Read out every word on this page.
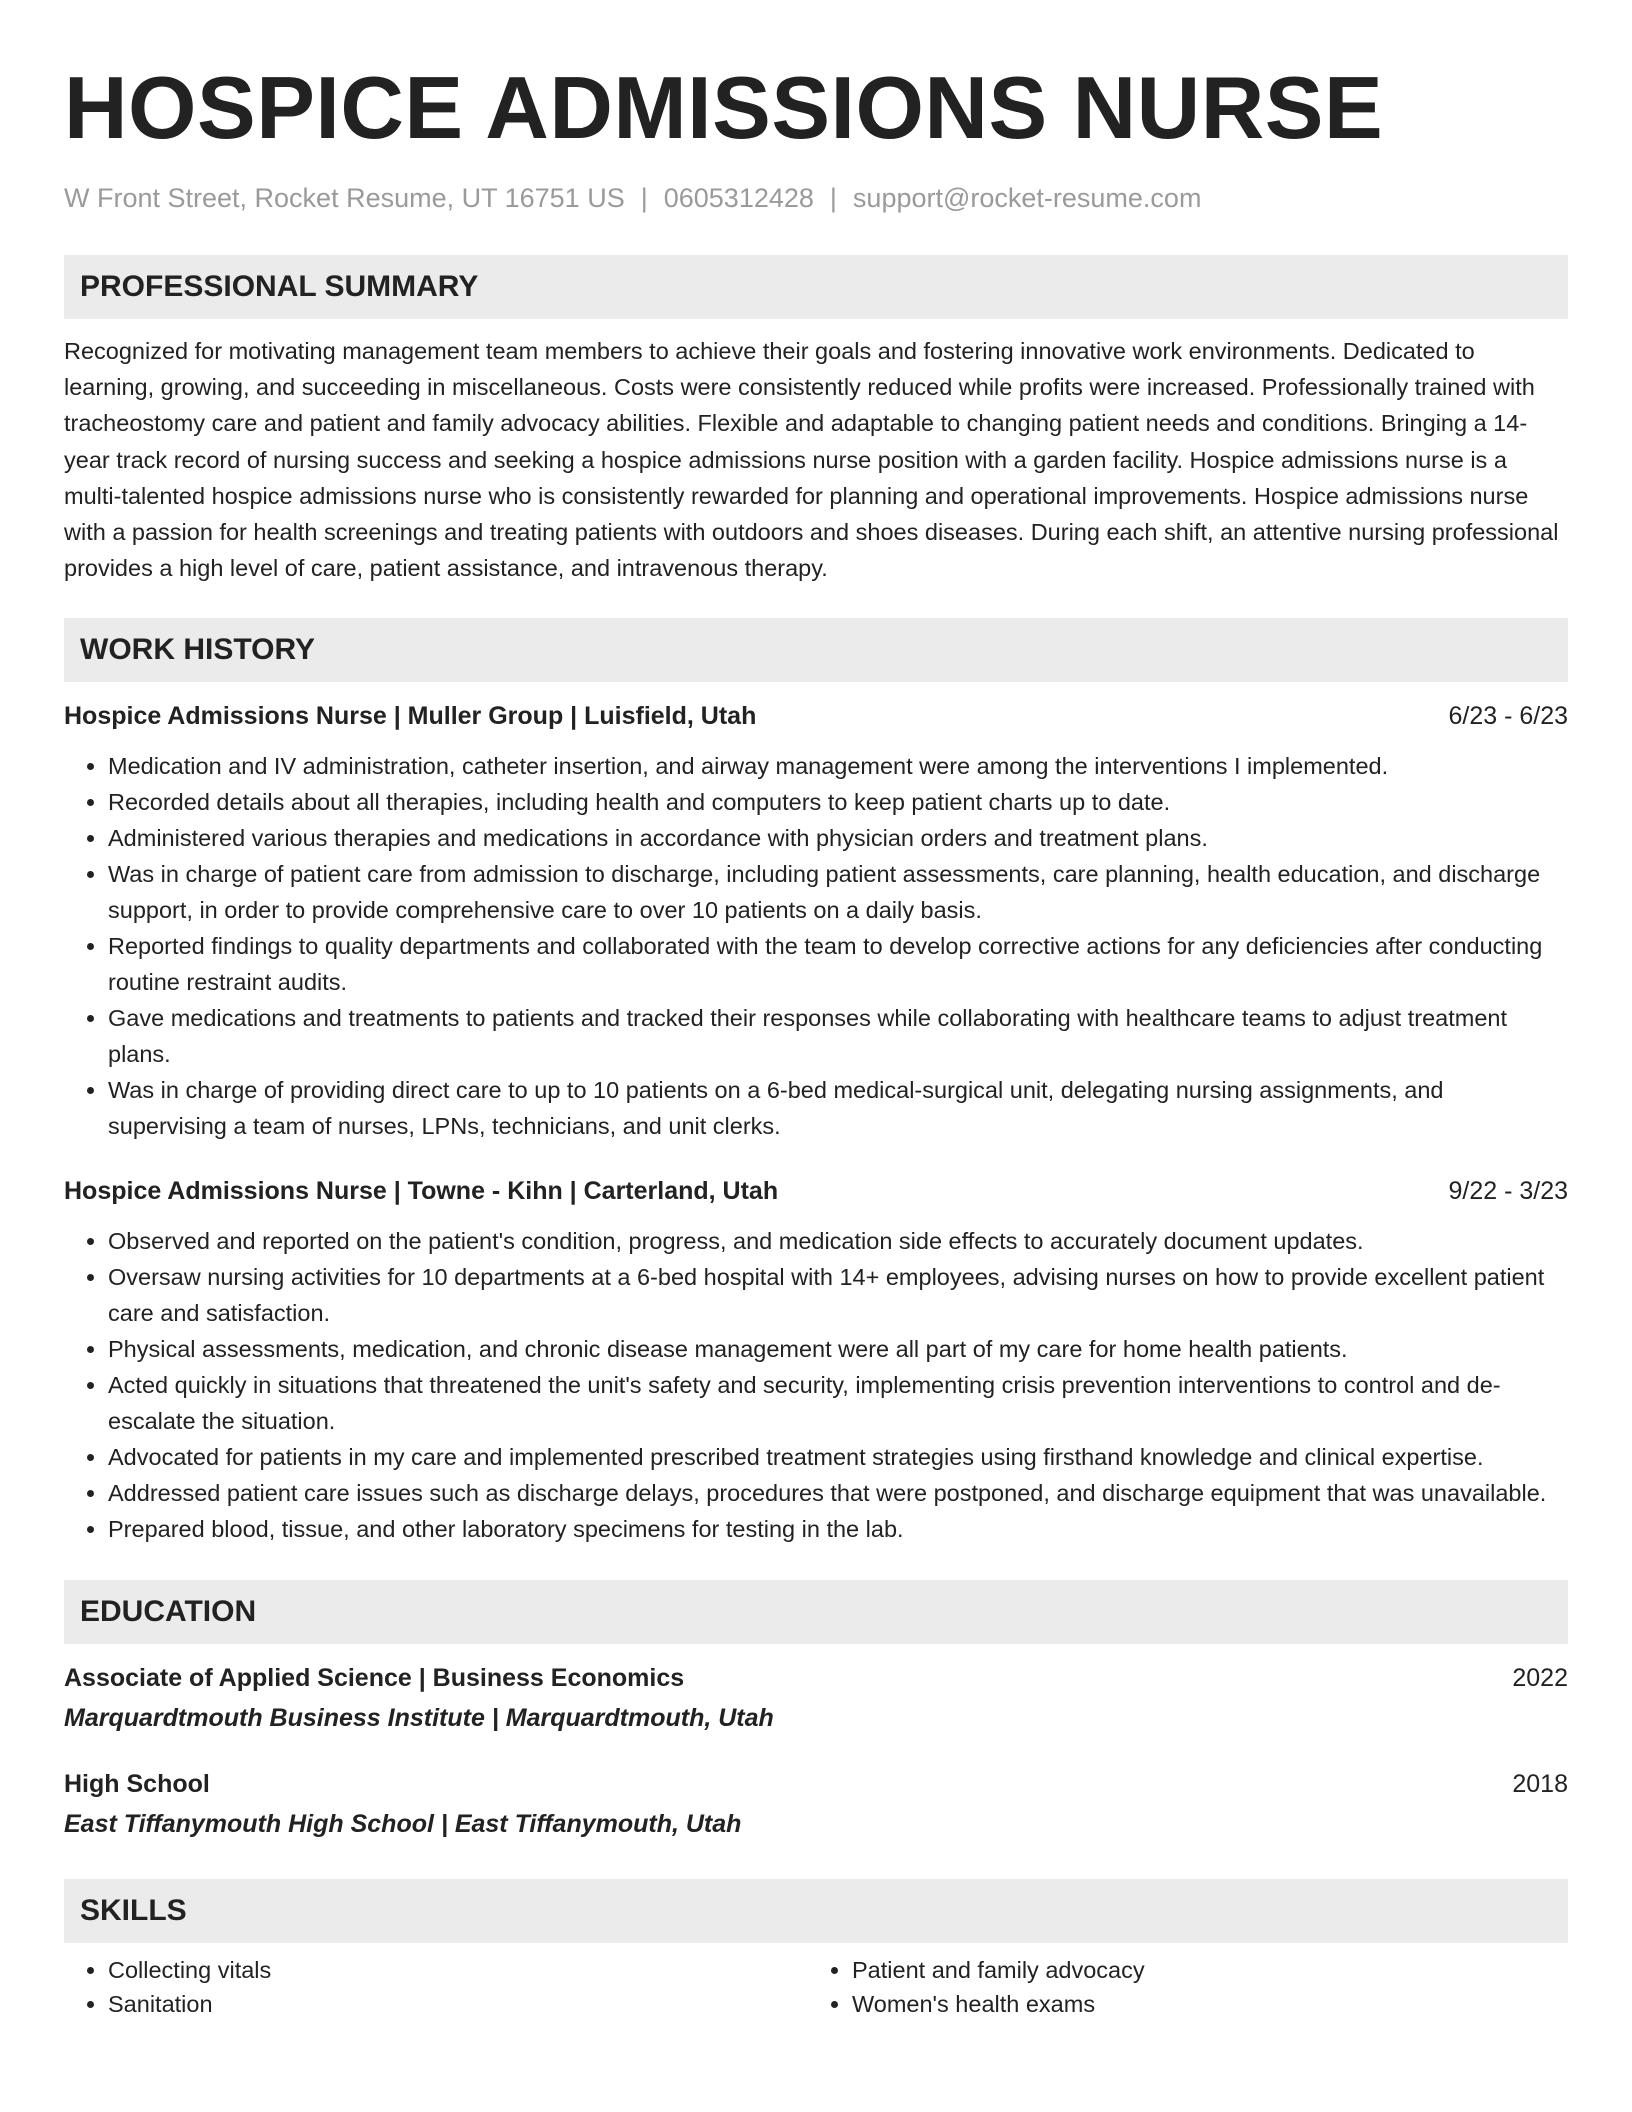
HOSPICE ADMISSIONS NURSE
W Front Street, Rocket Resume, UT 16751 US | 0605312428 | support@rocket-resume.com
PROFESSIONAL SUMMARY

Recognized for motivating management team members to achieve their goals and fostering innovative work environments. Dedicated to learning, growing, and succeeding in miscellaneous. Costs were consistently reduced while profits were increased. Professionally trained with tracheostomy care and patient and family advocacy abilities. Flexible and adaptable to changing patient needs and conditions. Bringing a 14-year track record of nursing success and seeking a hospice admissions nurse position with a garden facility. Hospice admissions nurse is a multi-talented hospice admissions nurse who is consistently rewarded for planning and operational improvements. Hospice admissions nurse with a passion for health screenings and treating patients with outdoors and shoes diseases. During each shift, an attentive nursing professional provides a high level of care, patient assistance, and intravenous therapy.

WORK HISTORY
Hospice Admissions Nurse | Muller Group | Luisfield, Utah	6/23 - 6/23
• Medication and IV administration, catheter insertion, and airway management were among the interventions I implemented.
• Recorded details about all therapies, including health and computers to keep patient charts up to date.
• Administered various therapies and medications in accordance with physician orders and treatment plans.
• Was in charge of patient care from admission to discharge, including patient assessments, care planning, health education, and discharge support, in order to provide comprehensive care to over 10 patients on a daily basis.
• Reported findings to quality departments and collaborated with the team to develop corrective actions for any deficiencies after conducting routine restraint audits.
• Gave medications and treatments to patients and tracked their responses while collaborating with healthcare teams to adjust treatment plans.
• Was in charge of providing direct care to up to 10 patients on a 6-bed medical-surgical unit, delegating nursing assignments, and supervising a team of nurses, LPNs, technicians, and unit clerks.
Hospice Admissions Nurse | Towne - Kihn | Carterland, Utah	9/22 - 3/23
• Observed and reported on the patient's condition, progress, and medication side effects to accurately document updates.
• Oversaw nursing activities for 10 departments at a 6-bed hospital with 14+ employees, advising nurses on how to provide excellent patient care and satisfaction.
• Physical assessments, medication, and chronic disease management were all part of my care for home health patients.
• Acted quickly in situations that threatened the unit's safety and security, implementing crisis prevention interventions to control and de-escalate the situation.
• Advocated for patients in my care and implemented prescribed treatment strategies using firsthand knowledge and clinical expertise.
• Addressed patient care issues such as discharge delays, procedures that were postponed, and discharge equipment that was unavailable.
• Prepared blood, tissue, and other laboratory specimens for testing in the lab.
EDUCATION
Associate of Applied Science | Business Economics	2022
Marquardtmouth Business Institute | Marquardtmouth, Utah
High School	2018
East Tiffanymouth High School | East Tiffanymouth, Utah
SKILLS
• Collecting vitals
• Sanitation
• Patient and family advocacy
• Women's health exams
